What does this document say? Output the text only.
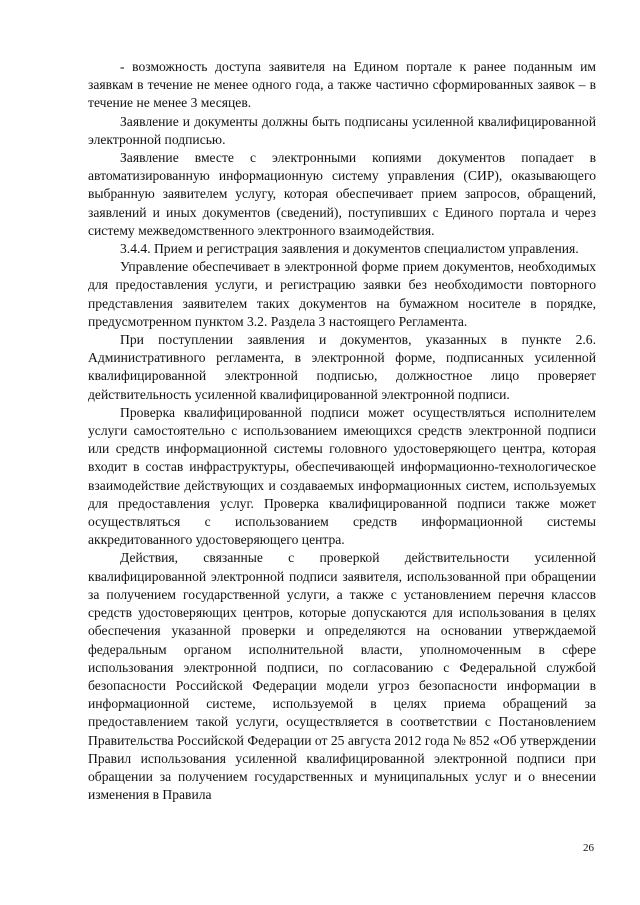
- возможность доступа заявителя на Едином портале к ранее поданным им заявкам в течение не менее одного года, а также частично сформированных заявок – в течение не менее 3 месяцев.

Заявление и документы должны быть подписаны усиленной квалифицированной электронной подписью.

Заявление вместе с электронными копиями документов попадает в автоматизированную информационную систему управления (СИР), оказывающего выбранную заявителем услугу, которая обеспечивает прием запросов, обращений, заявлений и иных документов (сведений), поступивших с Единого портала и через систему межведомственного электронного взаимодействия.

3.4.4. Прием и регистрация заявления и документов специалистом управления.

Управление обеспечивает в электронной форме прием документов, необходимых для предоставления услуги, и регистрацию заявки без необходимости повторного представления заявителем таких документов на бумажном носителе в порядке, предусмотренном пунктом 3.2. Раздела 3 настоящего Регламента.

При поступлении заявления и документов, указанных в пункте 2.6. Административного регламента, в электронной форме, подписанных усиленной квалифицированной электронной подписью, должностное лицо проверяет действительность усиленной квалифицированной электронной подписи.

Проверка квалифицированной подписи может осуществляться исполнителем услуги самостоятельно с использованием имеющихся средств электронной подписи или средств информационной системы головного удостоверяющего центра, которая входит в состав инфраструктуры, обеспечивающей информационно-технологическое взаимодействие действующих и создаваемых информационных систем, используемых для предоставления услуг. Проверка квалифицированной подписи также может осуществляться с использованием средств информационной системы аккредитованного удостоверяющего центра.

Действия, связанные с проверкой действительности усиленной квалифицированной электронной подписи заявителя, использованной при обращении за получением государственной услуги, а также с установлением перечня классов средств удостоверяющих центров, которые допускаются для использования в целях обеспечения указанной проверки и определяются на основании утверждаемой федеральным органом исполнительной власти, уполномоченным в сфере использования электронной подписи, по согласованию с Федеральной службой безопасности Российской Федерации модели угроз безопасности информации в информационной системе, используемой в целях приема обращений за предоставлением такой услуги, осуществляется в соответствии с Постановлением Правительства Российской Федерации от 25 августа 2012 года № 852 «Об утверждении Правил использования усиленной квалифицированной электронной подписи при обращении за получением государственных и муниципальных услуг и о внесении изменения в Правила

26
